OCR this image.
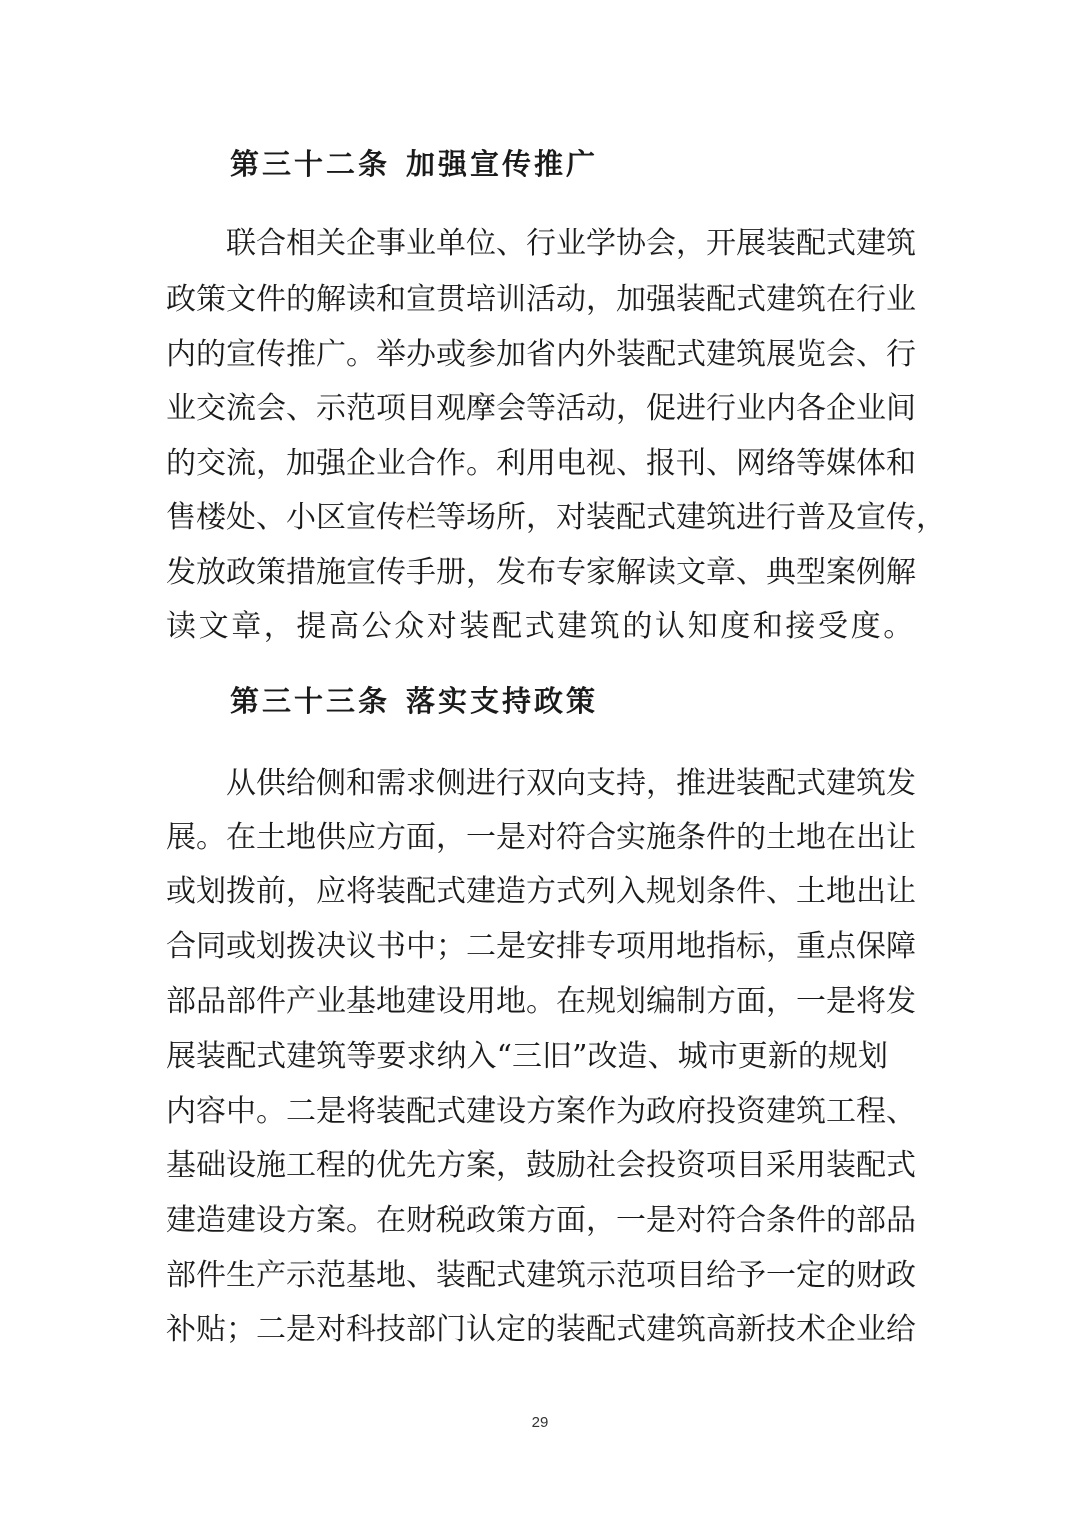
第三十二条 加强宣传推广

联合相关企事业单位、行业学协会，开展装配式建筑

政策文件的解读和宣贯培训活动，加强装配式建筑在行业

内的宣传推广。举办或参加省内外装配式建筑展览会、行

业交流会、示范项目观摩会等活动，促进行业内各企业间

的交流，加强企业合作。利用电视、报刊、网络等媒体和

售楼处、小区宣传栏等场所，对装配式建筑进行普及宣传，

发放政策措施宣传手册，发布专家解读文章、典型案例解

读文章，提高公众对装配式建筑的认知度和接受度。

第三十三条 落实支持政策

从供给侧和需求侧进行双向支持，推进装配式建筑发

展。在土地供应方面，一是对符合实施条件的土地在出让

或划拨前，应将装配式建造方式列入规划条件、土地出让

合同或划拨决议书中；二是安排专项用地指标，重点保障

部品部件产业基地建设用地。在规划编制方面，一是将发

展装配式建筑等要求纳入“三旧”改造、城市更新的规划

内容中。二是将装配式建设方案作为政府投资建筑工程、

基础设施工程的优先方案，鼓励社会投资项目采用装配式

建造建设方案。在财税政策方面，一是对符合条件的部品

部件生产示范基地、装配式建筑示范项目给予一定的财政

补贴；二是对科技部门认定的装配式建筑高新技术企业给

29
